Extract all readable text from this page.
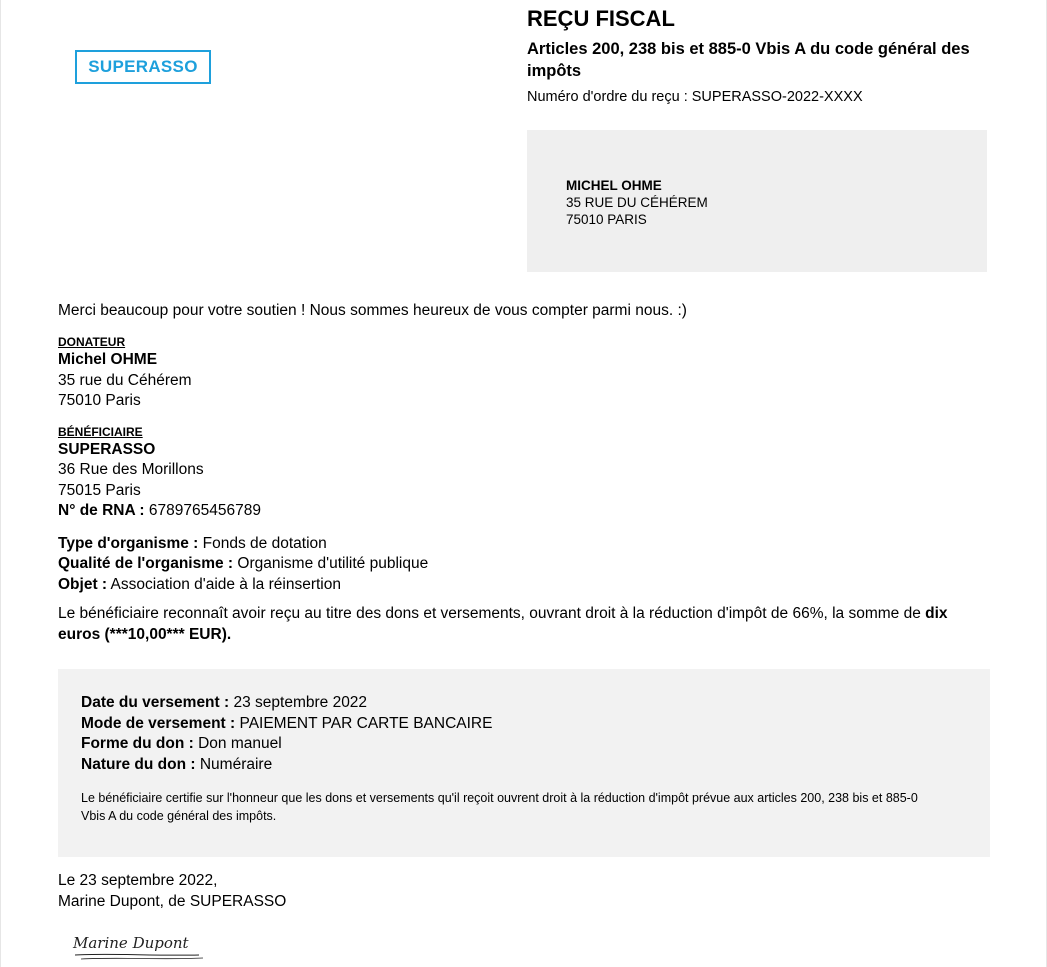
SUPERASSO
REÇU FISCAL
Articles 200, 238 bis et 885-0 Vbis A du code général des impôts
Numéro d'ordre du reçu : SUPERASSO-2022-XXXX
MICHEL OHME
35 RUE DU CÉHÉREM
75010 PARIS
Merci beaucoup pour votre soutien ! Nous sommes heureux de vous compter parmi nous. :)
DONATEUR
Michel OHME
35 rue du Céhérem
75010 Paris
BÉNÉFICIAIRE
SUPERASSO
36 Rue des Morillons
75015 Paris
N° de RNA : 6789765456789
Type d'organisme : Fonds de dotation
Qualité de l'organisme : Organisme d'utilité publique
Objet : Association d'aide à la réinsertion
Le bénéficiaire reconnaît avoir reçu au titre des dons et versements, ouvrant droit à la réduction d'impôt de 66%, la somme de dix euros (***10,00*** EUR).
Date du versement : 23 septembre 2022
Mode de versement : PAIEMENT PAR CARTE BANCAIRE
Forme du don : Don manuel
Nature du don : Numéraire
Le bénéficiaire certifie sur l'honneur que les dons et versements qu'il reçoit ouvrent droit à la réduction d'impôt prévue aux articles 200, 238 bis et 885-0 Vbis A du code général des impôts.
Le 23 septembre 2022,
Marine Dupont, de SUPERASSO
Marine Dupont
